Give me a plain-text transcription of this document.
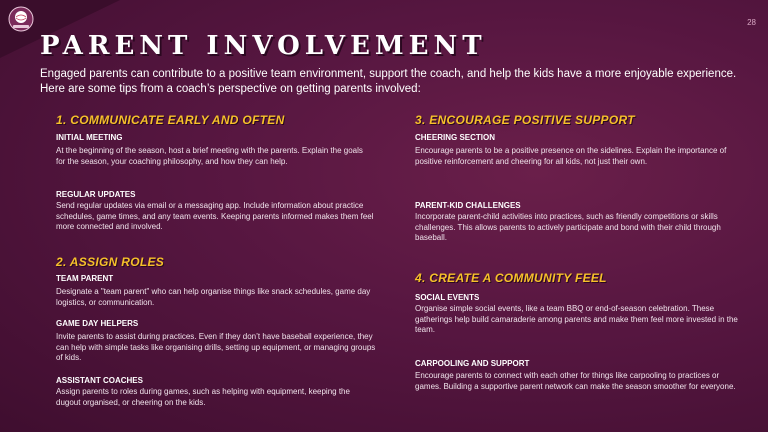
28
PARENT INVOLVEMENT

Engaged parents can contribute to a positive team environment, support the coach, and help the kids have a more enjoyable experience. Here are some tips from a coach’s perspective on getting parents involved:

1. COMMUNICATE EARLY AND OFTEN
INITIAL MEETING
At the beginning of the season, host a brief meeting with the parents. Explain the goals for the season, your coaching philosophy, and how they can help.
REGULAR UPDATES
Send regular updates via email or a messaging app. Include information about practice schedules, game times, and any team events. Keeping parents informed makes them feel more connected and involved.
2. ASSIGN ROLES
TEAM PARENT
Designate a "team parent" who can help organise things like snack schedules, game day logistics, or communication.
GAME DAY HELPERS
Invite parents to assist during practices. Even if they don’t have baseball experience, they can help with simple tasks like organising drills, setting up equipment, or managing groups of kids.
ASSISTANT COACHES
Assign parents to roles during games, such as helping with equipment, keeping the dugout organised, or cheering on the kids.
3. ENCOURAGE POSITIVE SUPPORT
CHEERING SECTION
Encourage parents to be a positive presence on the sidelines. Explain the importance of positive reinforcement and cheering for all kids, not just their own.
PARENT-KID CHALLENGES
Incorporate parent-child activities into practices, such as friendly competitions or skills challenges. This allows parents to actively participate and bond with their child through baseball.
4. CREATE A COMMUNITY FEEL
SOCIAL EVENTS
Organise simple social events, like a team BBQ or end-of-season celebration. These gatherings help build camaraderie among parents and make them feel more invested in the team.
CARPOOLING AND SUPPORT
Encourage parents to connect with each other for things like carpooling to practices or games. Building a supportive parent network can make the season smoother for everyone.
